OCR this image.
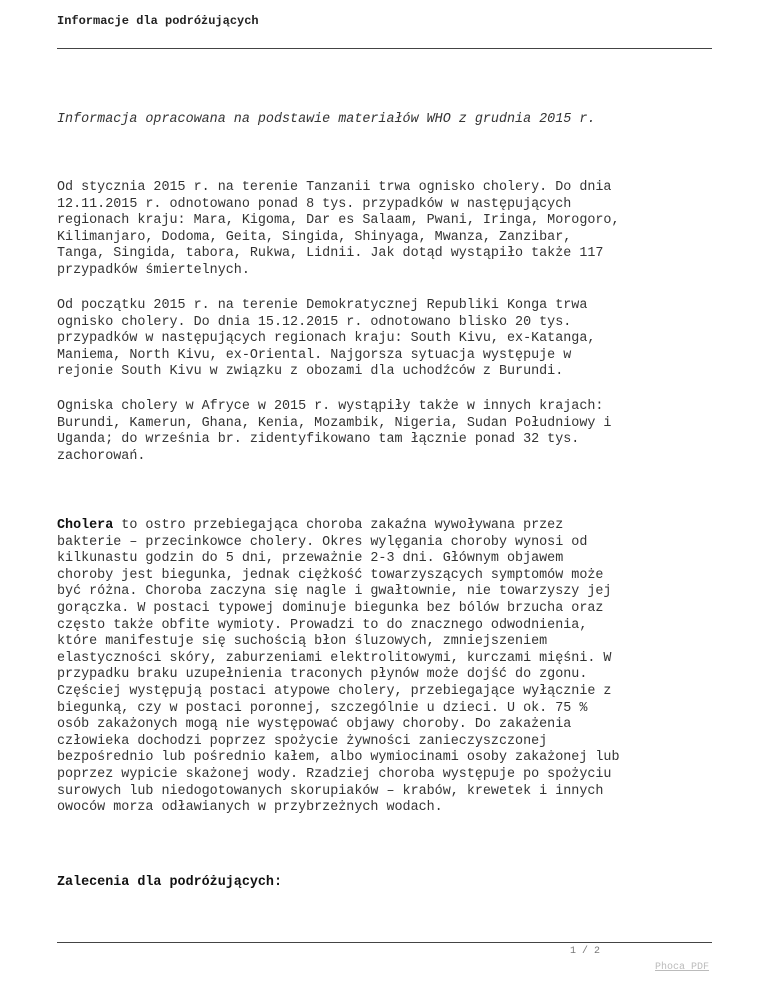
Informacje dla podróżujących
Informacja opracowana na podstawie materiałów WHO z grudnia 2015 r.
Od stycznia 2015 r. na terenie Tanzanii trwa ognisko cholery. Do dnia
12.11.2015 r. odnotowano ponad 8 tys. przypadków w następujących
regionach kraju: Mara, Kigoma, Dar es Salaam, Pwani, Iringa, Morogoro,
Kilimanjaro, Dodoma, Geita, Singida, Shinyaga, Mwanza, Zanzibar,
Tanga, Singida, tabora, Rukwa, Lidnii. Jak dotąd wystąpiło także 117
przypadków śmiertelnych.
Od początku 2015 r. na terenie Demokratycznej Republiki Konga trwa
ognisko cholery. Do dnia 15.12.2015 r. odnotowano blisko 20 tys.
przypadków w następujących regionach kraju: South Kivu, ex-Katanga,
Maniema, North Kivu, ex-Oriental. Najgorsza sytuacja występuje w
rejonie South Kivu w związku z obozami dla uchodźców z Burundi.
Ogniska cholery w Afryce w 2015 r. wystąpiły także w innych krajach:
Burundi, Kamerun, Ghana, Kenia, Mozambik, Nigeria, Sudan Południowy i
Uganda; do września br. zidentyfikowano tam łącznie ponad 32 tys.
zachorowań.
Cholera to ostro przebiegająca choroba zakaźna wywoływana przez
bakterie – przecinkowce cholery. Okres wylęgania choroby wynosi od
kilkunastu godzin do 5 dni, przeważnie 2-3 dni. Głównym objawem
choroby jest biegunka, jednak ciężkość towarzyszących symptomów może
być różna. Choroba zaczyna się nagle i gwałtownie, nie towarzyszy jej
gorączka. W postaci typowej dominuje biegunka bez bólów brzucha oraz
często także obfite wymioty. Prowadzi to do znacznego odwodnienia,
które manifestuje się suchością błon śluzowych, zmniejszeniem
elastyczności skóry, zaburzeniami elektrolitowymi, kurczami mięśni. W
przypadku braku uzupełnienia traconych płynów może dojść do zgonu.
Częściej występują postaci atypowe cholery, przebiegające wyłącznie z
biegunką, czy w postaci poronnej, szczególnie u dzieci. U ok. 75 %
osób zakażonych mogą nie występować objawy choroby. Do zakażenia
człowieka dochodzi poprzez spożycie żywności zanieczyszczonej
bezpośrednio lub pośrednio kałem, albo wymiocinami osoby zakażonej lub
poprzez wypicie skażonej wody. Rzadziej choroba występuje po spożyciu
surowych lub niedogotowanych skorupiaków – krabów, krewetek i innych
owoców morza odławianych w przybrzeżnych wodach.
Zalecenia dla podróżujących:
1 / 2
Phoca PDF
